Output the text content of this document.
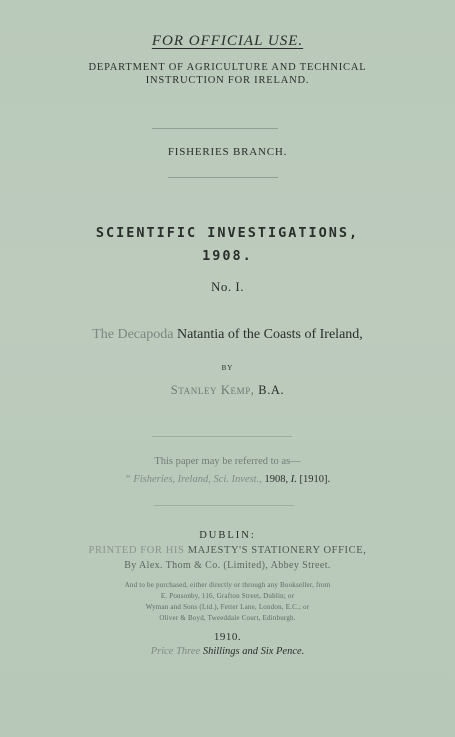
FOR OFFICIAL USE.
DEPARTMENT OF AGRICULTURE AND TECHNICAL
INSTRUCTION FOR IRELAND.
FISHERIES BRANCH.
SCIENTIFIC INVESTIGATIONS,
1908.
No. I.
The Decapoda Natantia of the Coasts of Ireland,
BY
Stanley Kemp, B.A.
This paper may be referred to as—
“ Fisheries, Ireland, Sci. Invest., 1908, I. [1910].
DUBLIN:
PRINTED FOR HIS MAJESTY'S STATIONERY OFFICE,
By Alex. Thom & Co. (Limited), Abbey Street.
And to be purchased, either directly or through any Bookseller, from
E. Ponsonby, 116, Grafton Street, Dublin; or
Wyman and Sons (Ltd.), Fetter Lane, London, E.C.; or
Oliver & Boyd, Tweeddale Court, Edinburgh.
1910.
Price Three Shillings and Six Pence.
